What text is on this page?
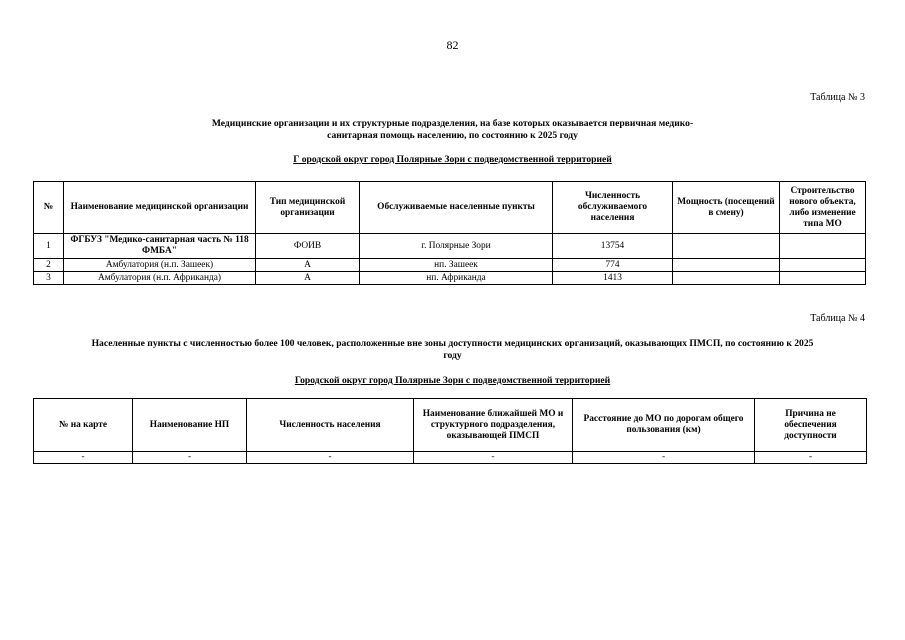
82
Таблица № 3
Медицинские организации и их структурные подразделения, на базе которых оказывается первичная медико-
санитарная помощь населению, по состоянию к 2025 году
Г ородской округ город Полярные Зори с подведомственной территорией
№	Наименование медицинской организации	Тип медицинской организации	Обслуживаемые населенные пункты	Численность обслуживаемого населения	Мощность (посещений в смену)	Строительство нового объекта, либо изменение типа МО
1	ФГБУЗ "Медико-санитарная часть № 118 ФМБА"	ФОИВ	г. Полярные Зори	13754		
2	Амбулатория (н.п. Зашеек)	А	нп. Зашеек	774		
3	Амбулатория (н.п. Африканда)	А	нп. Африканда	1413		
Таблица № 4
Населенные пункты с численностью более 100 человек, расположенные вне зоны доступности медицинских организаций, оказывающих ПМСП, по состоянию к 2025
году
Городской округ город Полярные Зори с подведомственной территорией
№ на карте	Наименование НП	Численность населения	Наименование ближайшей МО и структурного подразделения, оказывающей ПМСП	Расстояние до МО по дорогам общего пользования (км)	Причина не обеспечения доступности
-	-	-	-	-	-
